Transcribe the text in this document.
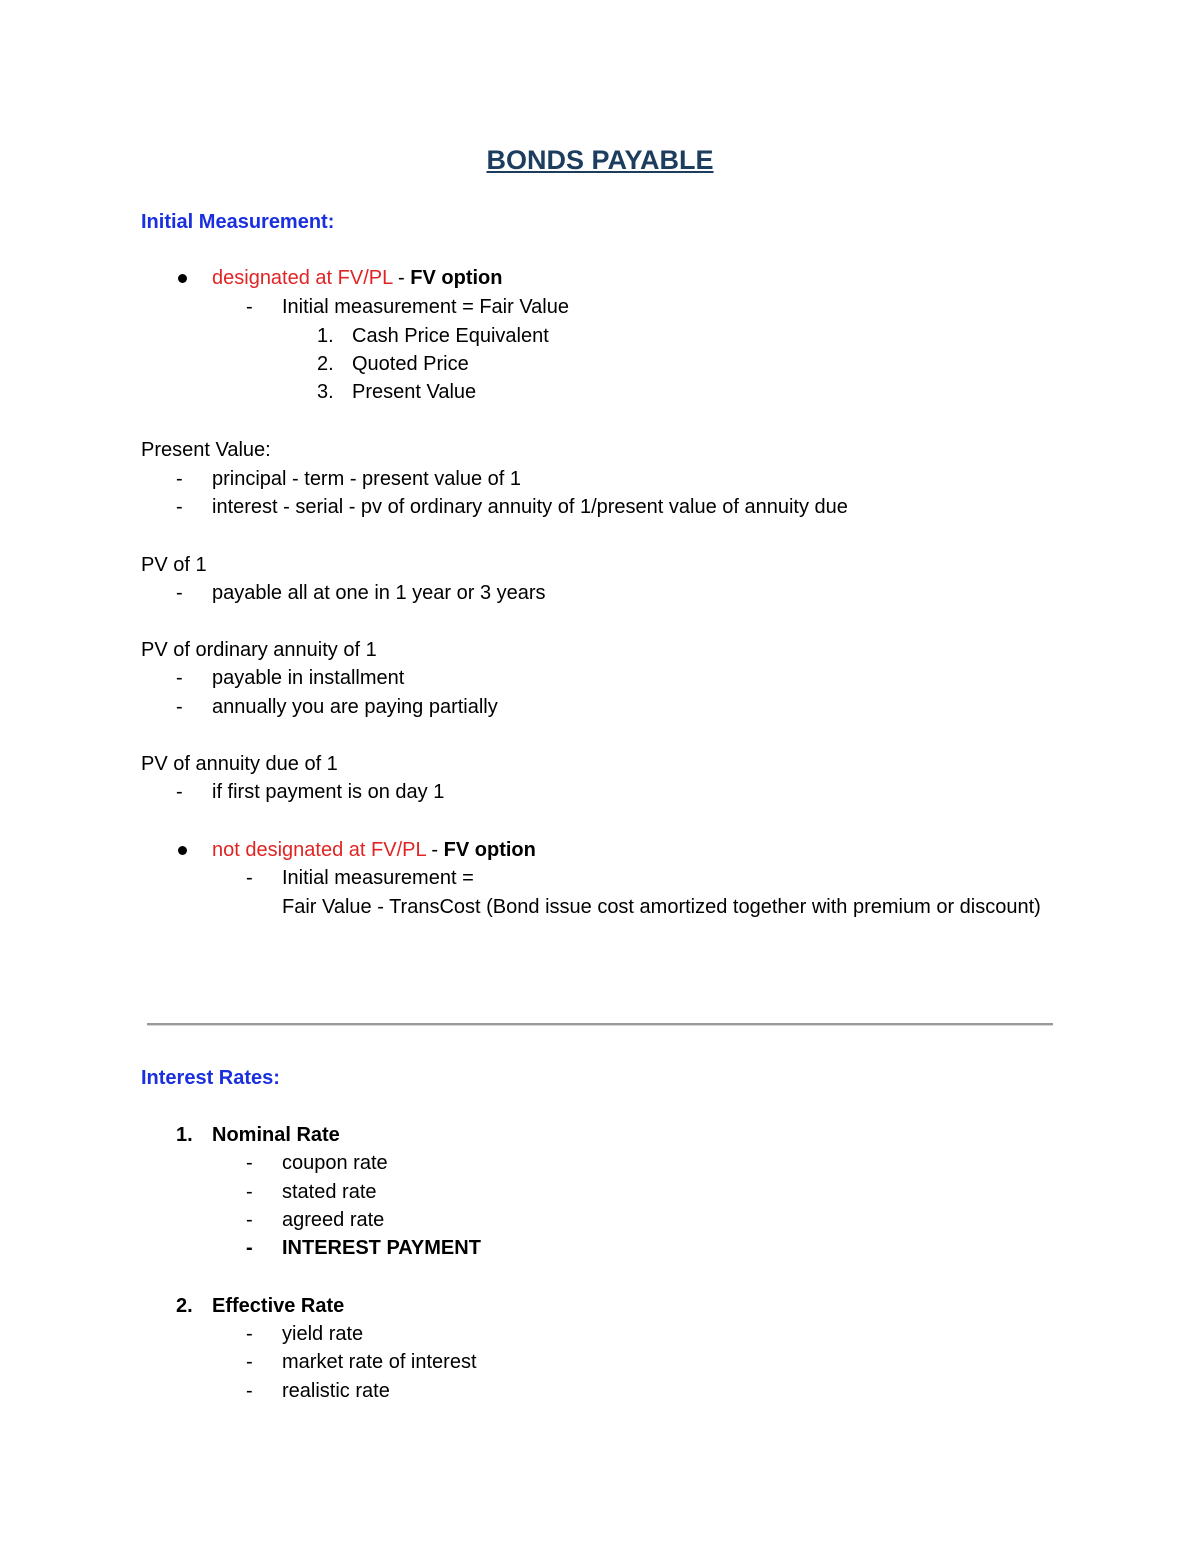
BONDS PAYABLE
Initial Measurement:
designated at FV/PL - FV option
- Initial measurement = Fair Value
1. Cash Price Equivalent
2. Quoted Price
3. Present Value
Present Value:
- principal - term - present value of 1
- interest - serial - pv of ordinary annuity of 1/present value of annuity due
PV of 1
- payable all at one in 1 year or 3 years
PV of ordinary annuity of 1
- payable in installment
- annually you are paying partially
PV of annuity due of 1
- if first payment is on day 1
not designated at FV/PL - FV option
- Initial measurement =
Fair Value - TransCost (Bond issue cost amortized together with premium or discount)
Interest Rates:
1. Nominal Rate
- coupon rate
- stated rate
- agreed rate
- INTEREST PAYMENT
2. Effective Rate
- yield rate
- market rate of interest
- realistic rate
